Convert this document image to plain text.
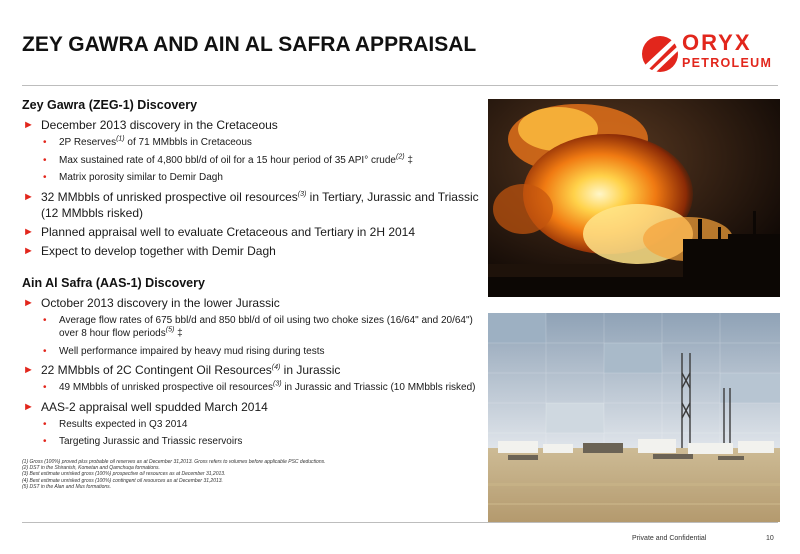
ZEY GAWRA AND AIN AL SAFRA APPRAISAL	ORYX
PETROLEUM
Zey Gawra (ZEG-1) Discovery
► December 2013 discovery in the Cretaceous
• 2P Reserves$^{(1)}$ of 71 MMbbls in Cretaceous
• Max sustained rate of 4,800 bbl/d of oil for a 15 hour period of 35 API° crude$^{(2)}$ ‡
• Matrix porosity similar to Demir Dagh
► 32 MMbbls of unrisked prospective oil resources$^{(3)}$ in Tertiary, Jurassic and Triassic (12 MMbbls risked)
► Planned appraisal well to evaluate Cretaceous and Tertiary in 2H 2014
► Expect to develop together with Demir Dagh
Ain Al Safra (AAS-1) Discovery
► October 2013 discovery in the lower Jurassic
• Average flow rates of 675 bbl/d and 850 bbl/d of oil using two choke sizes (16/64" and 20/64") over 8 hour flow periods$^{(5)}$ ‡
• Well performance impaired by heavy mud rising during tests
► 22 MMbbls of 2C Contingent Oil Resources$^{(4)}$ in Jurassic
• 49 MMbbls of unrisked prospective oil resources$^{(3)}$ in Jurassic and Triassic (10 MMbbls risked)
► AAS-2 appraisal well spudded March 2014
• Results expected in Q3 2014
• Targeting Jurassic and Triassic reservoirs
(1) Gross (100%) proved plus probable oil reserves as at December 31,2013. Gross refers to volumes before applicable PSC deductions.
(2) DST in the Shiranish, Kometan and Qamchuqa formations.
(3) Best estimate unrisked gross (100%) prospective oil resources as at December 31,2013.
(4) Best estimate unrisked gross (100%) contingent oil resources as at December 31,2013.
(5) DST in the Alan and Mus formations.
Private and Confidential	10
